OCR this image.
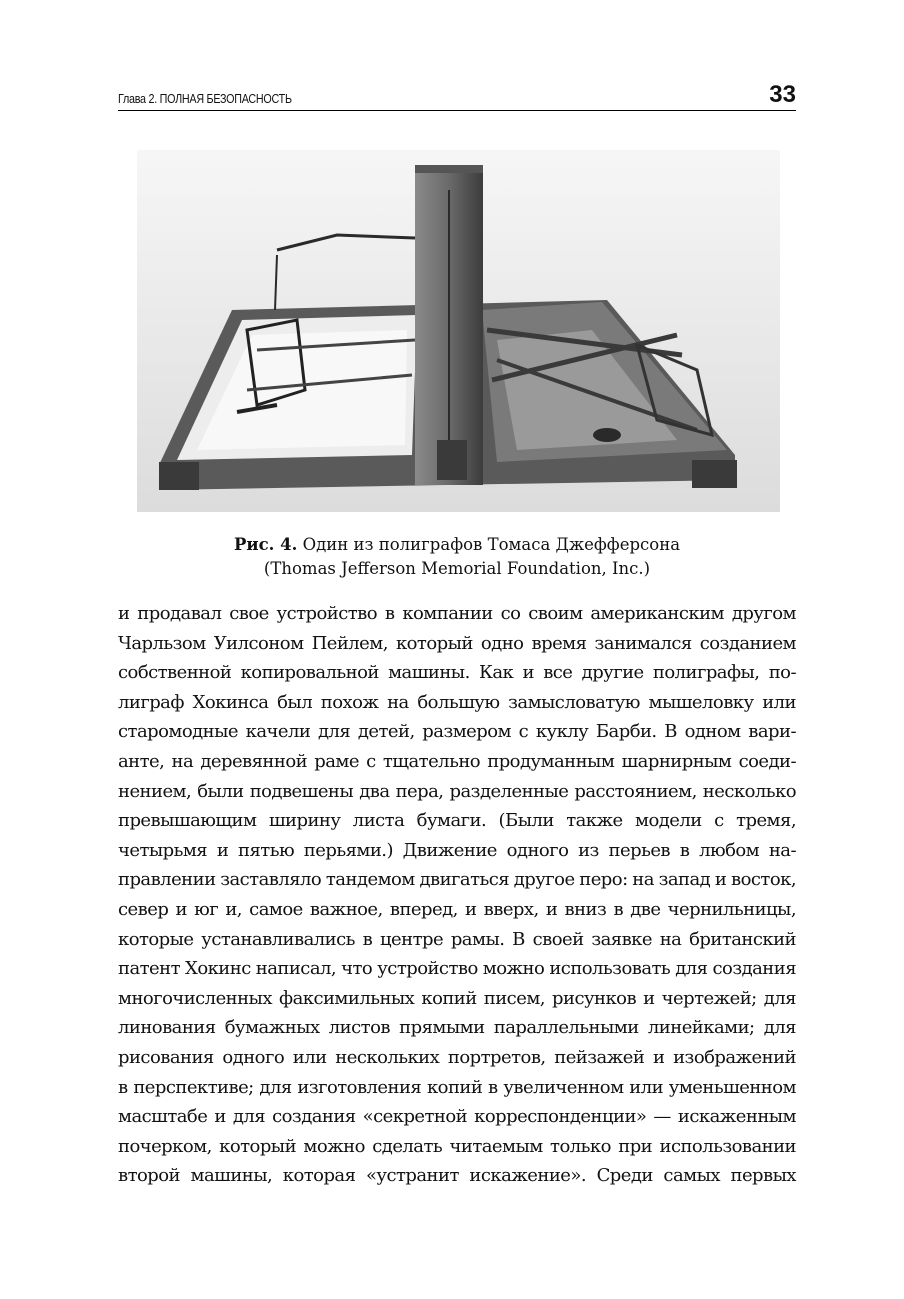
Глава 2. ПОЛНАЯ БЕЗОПАСНОСТЬ	33
Рис. 4. Один из полиграфов Томаса Джефферсона
(Thomas Jefferson Memorial Foundation, Inc.)
и продавал свое устройство в компании со своим американским другом
Чарльзом Уилсоном Пейлем, который одно время занимался созданием
собственной копировальной машины. Как и все другие полиграфы, по-
лиграф Хокинса был похож на большую замысловатую мышеловку или
старомодные качели для детей, размером с куклу Барби. В одном вари-
анте, на деревянной раме с тщательно продуманным шарнирным соеди-
нением, были подвешены два пера, разделенные расстоянием, несколько
превышающим ширину листа бумаги. (Были также модели с тремя,
четырьмя и пятью перьями.) Движение одного из перьев в любом на-
правлении заставляло тандемом двигаться другое перо: на запад и восток,
север и юг и, самое важное, вперед, и вверх, и вниз в две чернильницы,
которые устанавливались в центре рамы. В своей заявке на британский
патент Хокинс написал, что устройство можно использовать для создания
многочисленных факсимильных копий писем, рисунков и чертежей; для
линования бумажных листов прямыми параллельными линейками; для
рисования одного или нескольких портретов, пейзажей и изображений
в перспективе; для изготовления копий в увеличенном или уменьшенном
масштабе и для создания «секретной корреспонденции» — искаженным
почерком, который можно сделать читаемым только при использовании
второй машины, которая «устранит искажение». Среди самых первых
